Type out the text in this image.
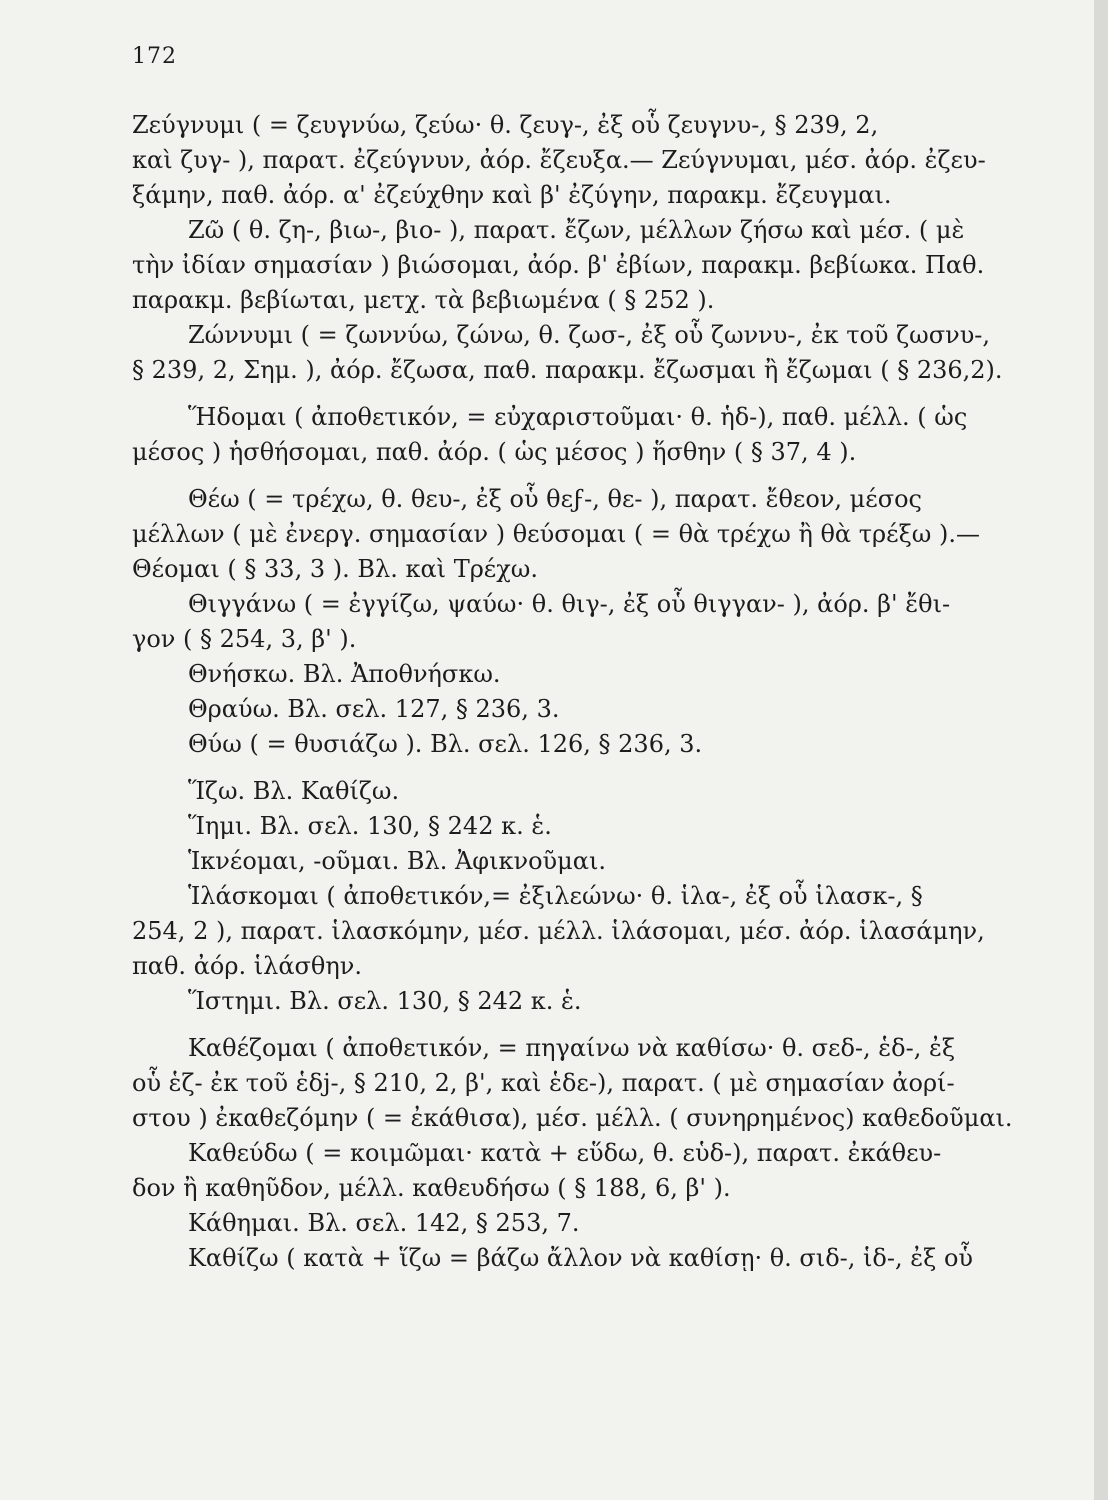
172
Ζεύγνυμι ( = ζευγνύω, ζεύω· θ. ζευγ-, ἐξ οὗ ζευγνυ-, § 239, 2,
καὶ ζυγ- ), παρατ. ἐζεύγνυν, ἀόρ. ἔζευξα.— Ζεύγνυμαι, μέσ. ἀόρ. ἐζευ-
ξάμην, παθ. ἀόρ. α' ἐζεύχθην καὶ β' ἐζύγην, παρακμ. ἔζευγμαι.
Ζῶ ( θ. ζη-, βιω-, βιο- ), παρατ. ἔζων, μέλλων ζήσω καὶ μέσ. ( μὲ
τὴν ἰδίαν σημασίαν ) βιώσομαι, ἀόρ. β' ἐβίων, παρακμ. βεβίωκα. Παθ.
παρακμ. βεβίωται, μετχ. τὰ βεβιωμένα ( § 252 ).
Ζώννυμι ( = ζωννύω, ζώνω, θ. ζωσ-, ἐξ οὗ ζωννυ-, ἐκ τοῦ ζωσνυ-,
§ 239, 2, Σημ. ), ἀόρ. ἔζωσα, παθ. παρακμ. ἔζωσμαι ἢ ἔζωμαι ( § 236,2).
Ἥδομαι ( ἀποθετικόν, = εὐχαριστοῦμαι· θ. ἡδ-), παθ. μέλλ. ( ὡς
μέσος ) ἡσθήσομαι, παθ. ἀόρ. ( ὡς μέσος ) ἥσθην ( § 37, 4 ).
Θέω ( = τρέχω, θ. θευ-, ἐξ οὗ θεϝ-, θε- ), παρατ. ἔθεον, μέσος
μέλλων ( μὲ ἐνεργ. σημασίαν ) θεύσομαι ( = θὰ τρέχω ἢ θὰ τρέξω ).—
Θέομαι ( § 33, 3 ). Βλ. καὶ Τρέχω.
Θιγγάνω ( = ἐγγίζω, ψαύω· θ. θιγ-, ἐξ οὗ θιγγαν- ), ἀόρ. β' ἔθι-
γον ( § 254, 3, β' ).
Θνήσκω. Βλ. Ἀποθνήσκω.
Θραύω. Βλ. σελ. 127, § 236, 3.
Θύω ( = θυσιάζω ). Βλ. σελ. 126, § 236, 3.
Ἵζω. Βλ. Καθίζω.
Ἵημι. Βλ. σελ. 130, § 242 κ. ἑ.
Ἱκνέομαι, -οῦμαι. Βλ. Ἀφικνοῦμαι.
Ἱλάσκομαι ( ἀποθετικόν,= ἐξιλεώνω· θ. ἱλα-, ἐξ οὗ ἱλασκ-, §
254, 2 ), παρατ. ἱλασκόμην, μέσ. μέλλ. ἱλάσομαι, μέσ. ἀόρ. ἱλασάμην,
παθ. ἀόρ. ἱλάσθην.
Ἵστημι. Βλ. σελ. 130, § 242 κ. ἑ.
Καθέζομαι ( ἀποθετικόν, = πηγαίνω νὰ καθίσω· θ. σεδ-, ἑδ-, ἐξ
οὗ ἑζ- ἐκ τοῦ ἑδj-, § 210, 2, β', καὶ ἑδε-), παρατ. ( μὲ σημασίαν ἀορί-
στου ) ἐκαθεζόμην ( = ἐκάθισα), μέσ. μέλλ. ( συνηρημένος) καθεδοῦμαι.
Καθεύδω ( = κοιμῶμαι· κατὰ + εὕδω, θ. εὑδ-), παρατ. ἐκάθευ-
δον ἢ καθηῦδον, μέλλ. καθευδήσω ( § 188, 6, β' ).
Κάθημαι. Βλ. σελ. 142, § 253, 7.
Καθίζω ( κατὰ + ἵζω = βάζω ἄλλον νὰ καθίσῃ· θ. σιδ-, ἱδ-, ἐξ οὗ
